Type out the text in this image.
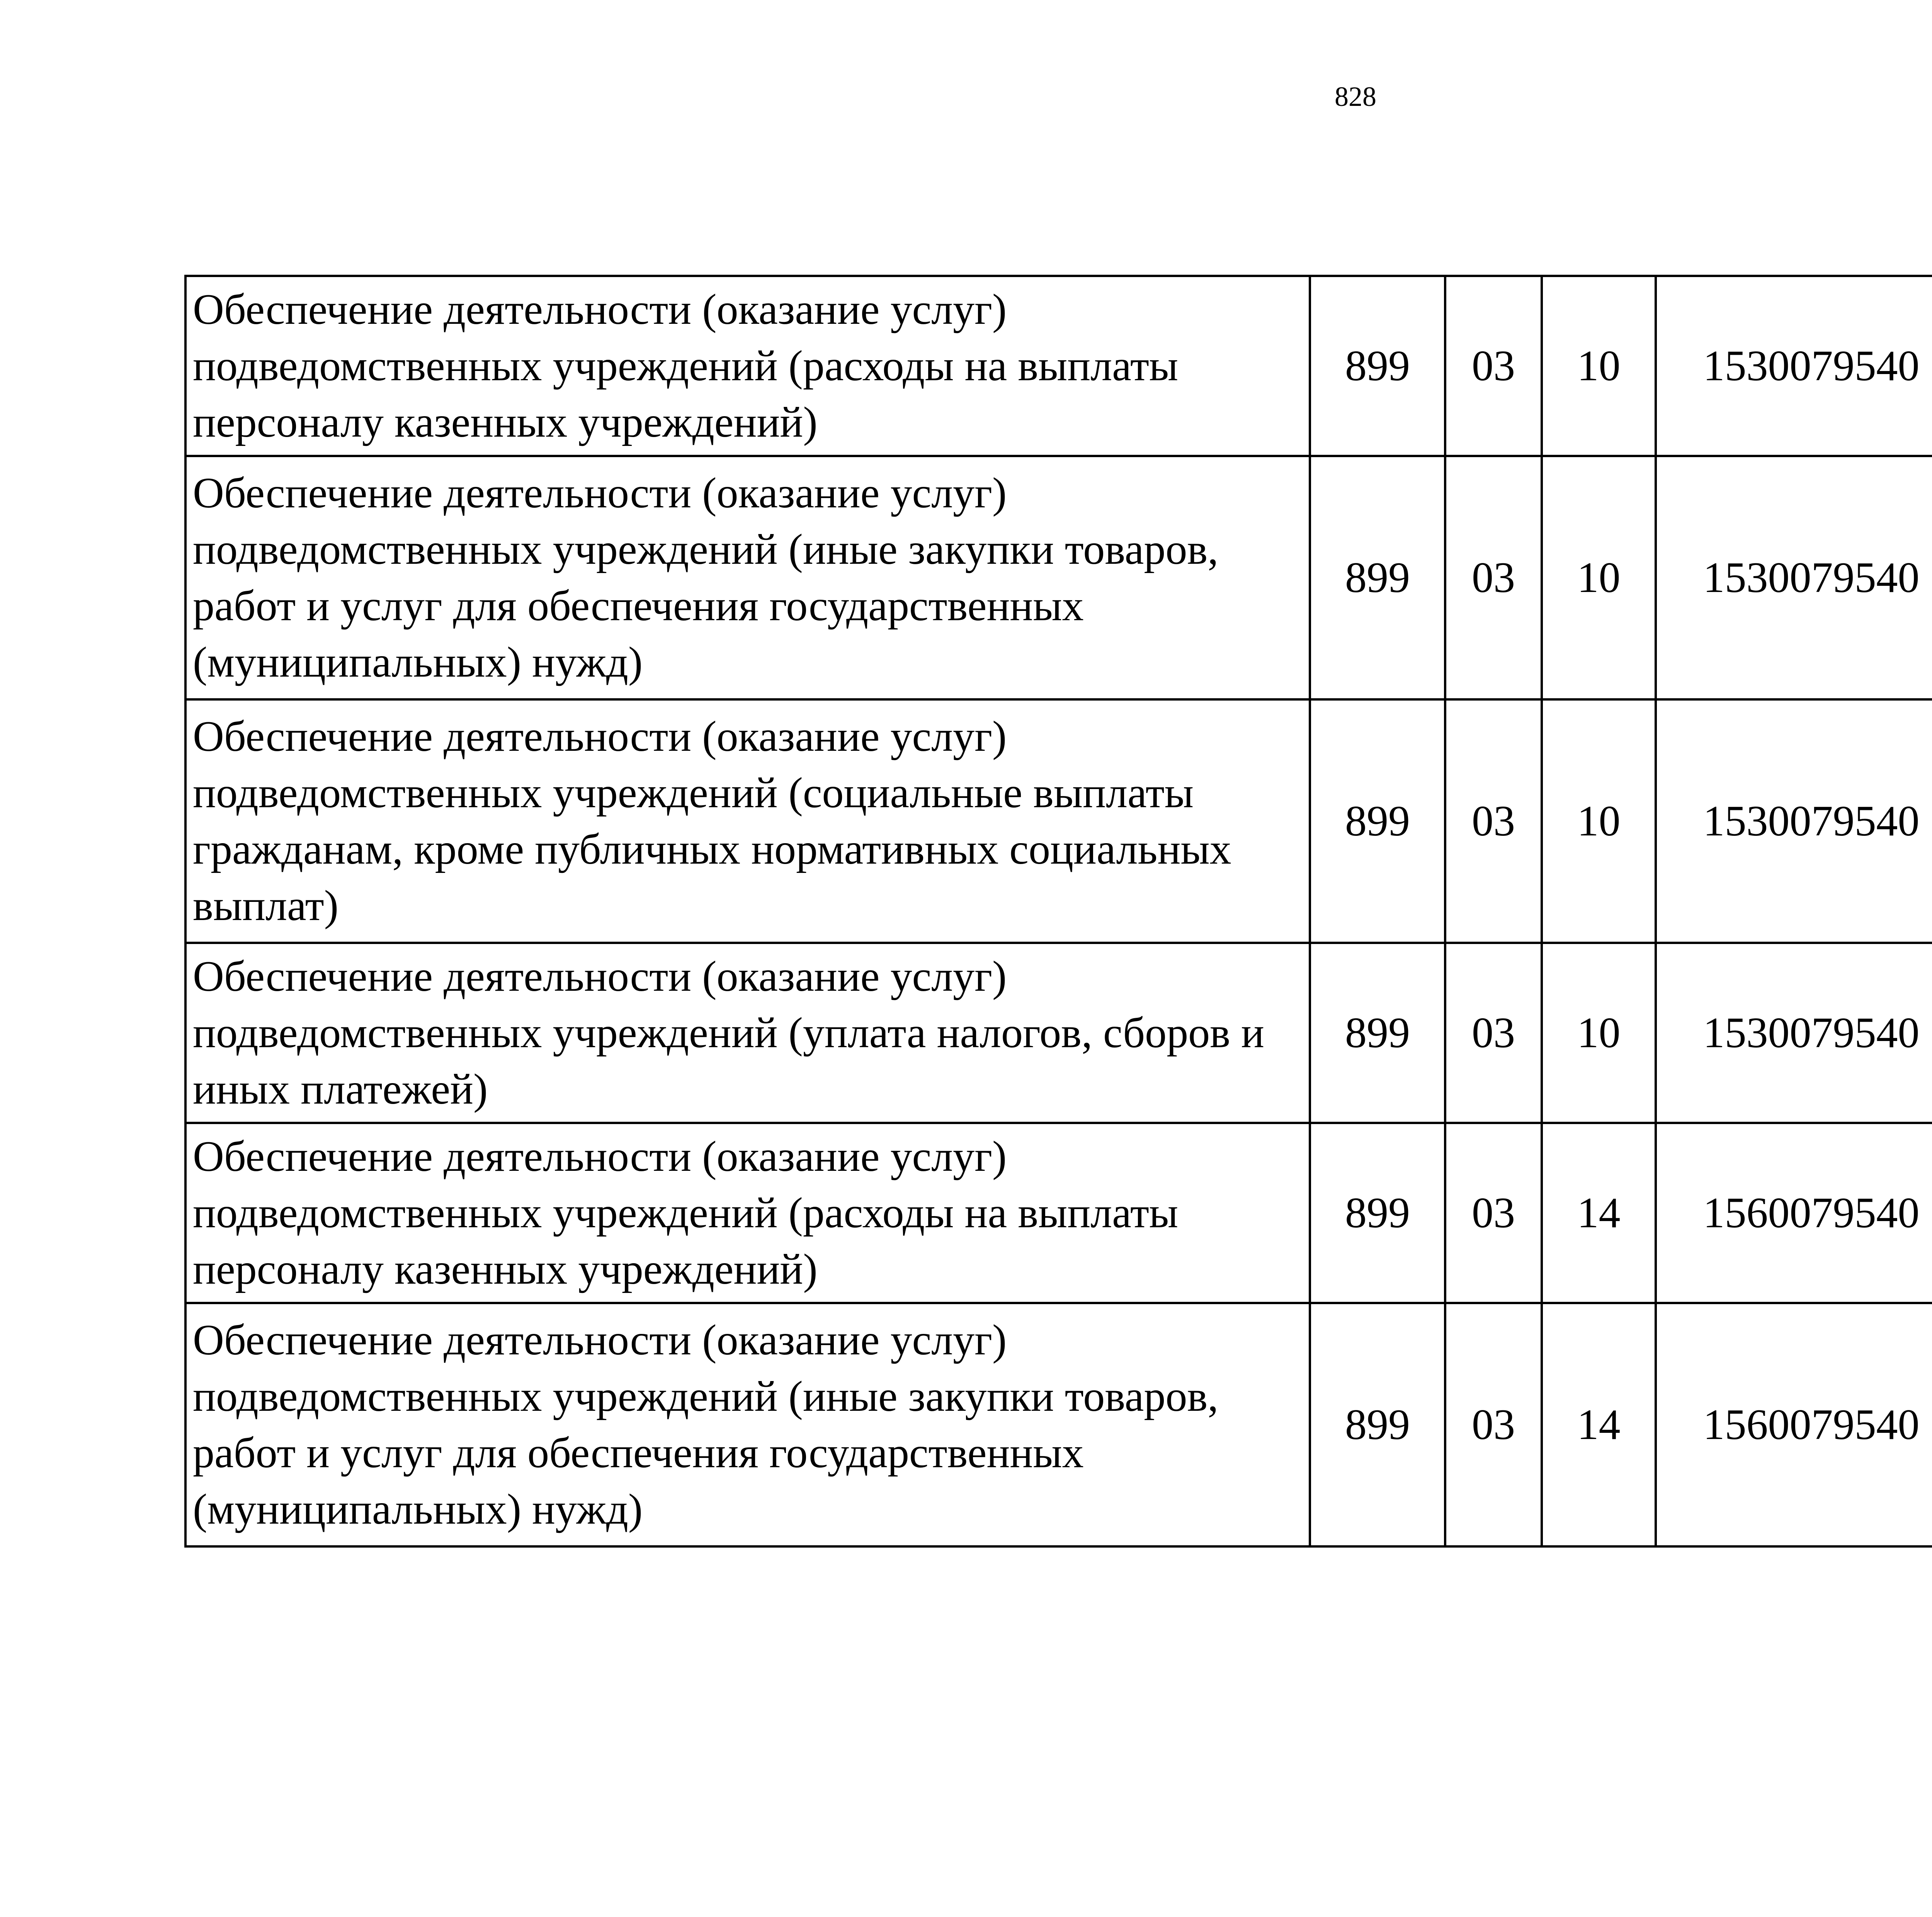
828
Обеспечение деятельности (оказание услуг) подведомственных учреждений (расходы на выплаты персоналу казенных учреждений)	899	03	10	1530079540		
Обеспечение деятельности (оказание услуг) подведомственных учреждений (иные закупки товаров, работ и услуг для обеспечения государственных (муниципальных) нужд)	899	03	10	1530079540		
Обеспечение деятельности (оказание услуг) подведомственных учреждений (социальные выплаты гражданам, кроме публичных нормативных социальных выплат)	899	03	10	1530079540		
Обеспечение деятельности (оказание услуг) подведомственных учреждений (уплата налогов, сборов и иных платежей)	899	03	10	1530079540		
Обеспечение деятельности (оказание услуг) подведомственных учреждений (расходы на выплаты персоналу казенных учреждений)	899	03	14	1560079540		
Обеспечение деятельности (оказание услуг) подведомственных учреждений (иные закупки товаров, работ и услуг для обеспечения государственных (муниципальных) нужд)	899	03	14	1560079540		
